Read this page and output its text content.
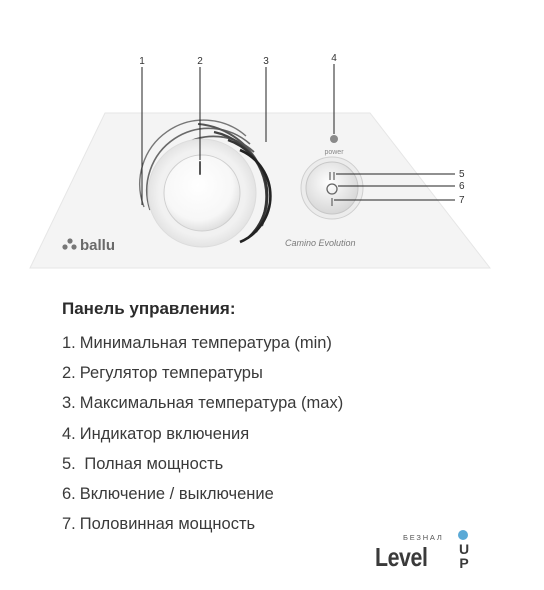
power
1	2	3	4
5
6
7
ballu	Camino Evolution
Панель управления:
1. Минимальная температура (min)
2. Регулятор температуры
3. Максимальная температура (max)
4. Индикатор включения
5. Полная мощность
6. Включение / выключение
7. Половинная мощность
БЕЗНАЛ
Level U
P
